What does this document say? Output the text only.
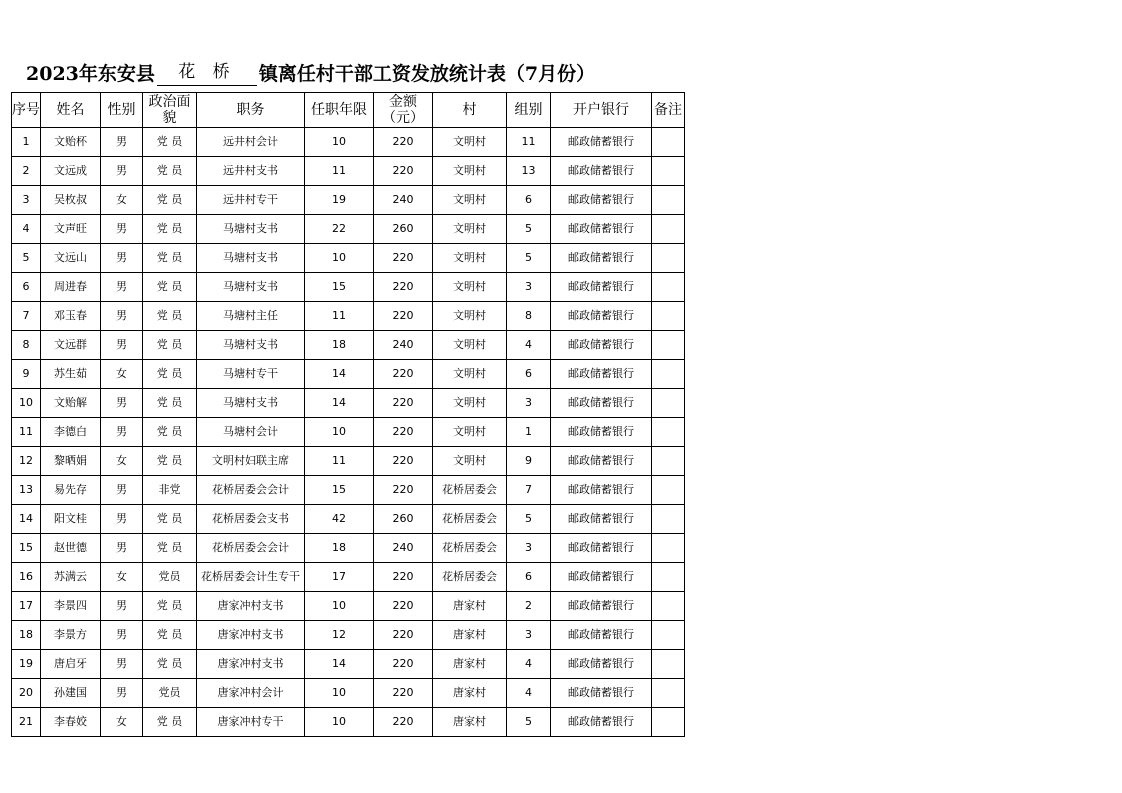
2023年东安县	花 桥	镇离任村干部工资发放统计表（7月份）
序号	姓名	性别	政治面貌	职务	任职年限	金额（元）	村	组别	开户银行	备注
1	文贻杯	男	党 员	远井村会计	10	220	文明村	11	邮政储蓄银行	
2	文远成	男	党 员	远井村支书	11	220	文明村	13	邮政储蓄银行	
3	吴枚叔	女	党 员	远井村专干	19	240	文明村	6	邮政储蓄银行	
4	文声旺	男	党 员	马塘村支书	22	260	文明村	5	邮政储蓄银行	
5	文远山	男	党 员	马塘村支书	10	220	文明村	5	邮政储蓄银行	
6	周进春	男	党 员	马塘村支书	15	220	文明村	3	邮政储蓄银行	
7	邓玉春	男	党 员	马塘村主任	11	220	文明村	8	邮政储蓄银行	
8	文远群	男	党 员	马塘村支书	18	240	文明村	4	邮政储蓄银行	
9	苏生茹	女	党 员	马塘村专干	14	220	文明村	6	邮政储蓄银行	
10	文贻解	男	党 员	马塘村支书	14	220	文明村	3	邮政储蓄银行	
11	李德白	男	党 员	马塘村会计	10	220	文明村	1	邮政储蓄银行	
12	黎晒娟	女	党 员	文明村妇联主席	11	220	文明村	9	邮政储蓄银行	
13	易先存	男	非党	花桥居委会会计	15	220	花桥居委会	7	邮政储蓄银行	
14	阳文桂	男	党 员	花桥居委会支书	42	260	花桥居委会	5	邮政储蓄银行	
15	赵世德	男	党 员	花桥居委会会计	18	240	花桥居委会	3	邮政储蓄银行	
16	苏满云	女	党员	花桥居委会计生专干	17	220	花桥居委会	6	邮政储蓄银行	
17	李景四	男	党 员	唐家冲村支书	10	220	唐家村	2	邮政储蓄银行	
18	李景方	男	党 员	唐家冲村支书	12	220	唐家村	3	邮政储蓄银行	
19	唐启牙	男	党 员	唐家冲村支书	14	220	唐家村	4	邮政储蓄银行	
20	孙建国	男	党员	唐家冲村会计	10	220	唐家村	4	邮政储蓄银行	
21	李春姣	女	党 员	唐家冲村专干	10	220	唐家村	5	邮政储蓄银行	
